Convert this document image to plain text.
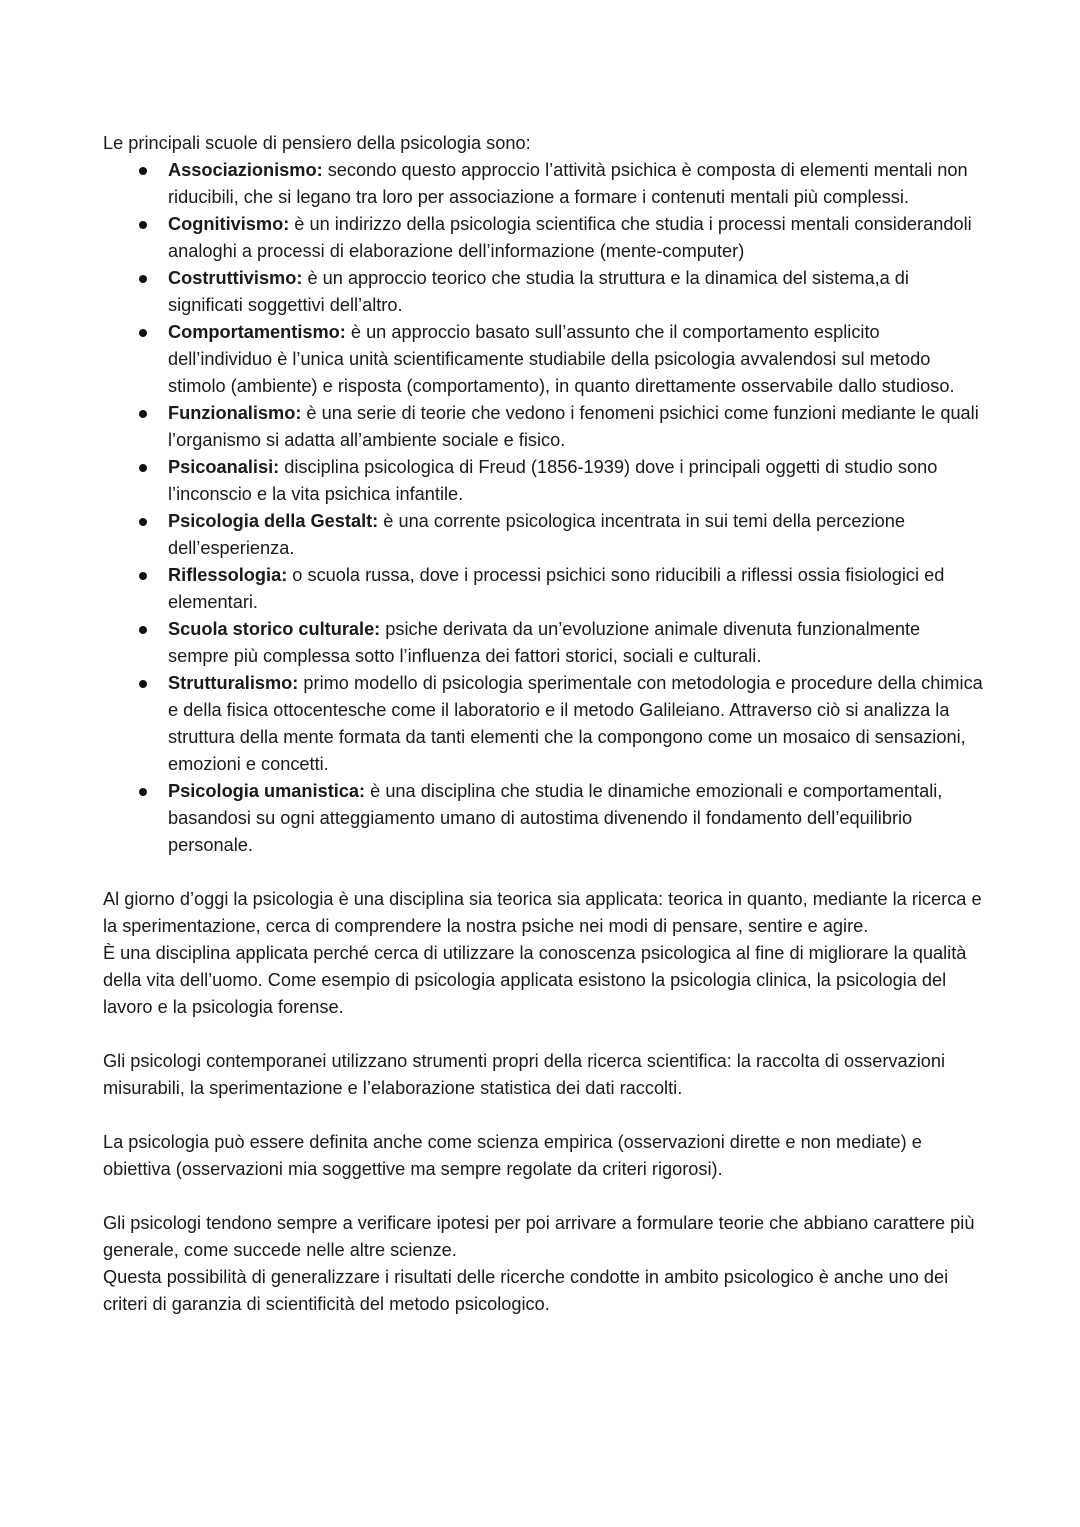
Le principali scuole di pensiero della psicologia sono:

Associazionismo: secondo questo approccio l’attività psichica è composta di elementi mentali non riducibili, che si legano tra loro per associazione a formare i contenuti mentali più complessi.
Cognitivismo: è un indirizzo della psicologia scientifica che studia i processi mentali considerandoli analoghi a processi di elaborazione dell’informazione (mente-computer)
Costruttivismo: è un approccio teorico che studia la struttura e la dinamica del sistema,a di significati soggettivi dell’altro.
Comportamentismo: è un approccio basato sull’assunto che il comportamento esplicito dell’individuo è l’unica unità scientificamente studiabile della psicologia avvalendosi sul metodo stimolo (ambiente) e risposta (comportamento), in quanto direttamente osservabile dallo studioso.
Funzionalismo: è una serie di teorie che vedono i fenomeni psichici come funzioni mediante le quali l’organismo si adatta all’ambiente sociale e fisico.
Psicoanalisi: disciplina psicologica di Freud (1856-1939) dove i principali oggetti di studio sono l’inconscio e la vita psichica infantile.
Psicologia della Gestalt: è una corrente psicologica incentrata in sui temi della percezione dell’esperienza.
Riflessologia: o scuola russa, dove i processi psichici sono riducibili a riflessi ossia fisiologici ed elementari.
Scuola storico culturale: psiche derivata da un’evoluzione animale divenuta funzionalmente sempre più complessa sotto l’influenza dei fattori storici, sociali e culturali.
Strutturalismo: primo modello di psicologia sperimentale con metodologia e procedure della chimica e della fisica ottocentesche come il laboratorio e il metodo Galileiano. Attraverso ciò si analizza la struttura della mente formata da tanti elementi che la compongono come un mosaico di sensazioni, emozioni e concetti.
Psicologia umanistica: è una disciplina che studia le dinamiche emozionali e comportamentali, basandosi su ogni atteggiamento umano di autostima divenendo il fondamento dell’equilibrio personale.

Al giorno d’oggi la psicologia è una disciplina sia teorica sia applicata: teorica in quanto, mediante la ricerca e la sperimentazione, cerca di comprendere la nostra psiche nei modi di pensare, sentire e agire.

È una disciplina applicata perché cerca di utilizzare la conoscenza psicologica al fine di migliorare la qualità della vita dell’uomo. Come esempio di psicologia applicata esistono la psicologia clinica, la psicologia del lavoro e la psicologia forense.

Gli psicologi contemporanei utilizzano strumenti propri della ricerca scientifica: la raccolta di osservazioni misurabili, la sperimentazione e l’elaborazione statistica dei dati raccolti.

La psicologia può essere definita anche come scienza empirica (osservazioni dirette e non mediate) e obiettiva (osservazioni mia soggettive ma sempre regolate da criteri rigorosi).

Gli psicologi tendono sempre a verificare ipotesi per poi arrivare a formulare teorie che abbiano carattere più generale, come succede nelle altre scienze.

Questa possibilità di generalizzare i risultati delle ricerche condotte in ambito psicologico è anche uno dei criteri di garanzia di scientificità del metodo psicologico.
